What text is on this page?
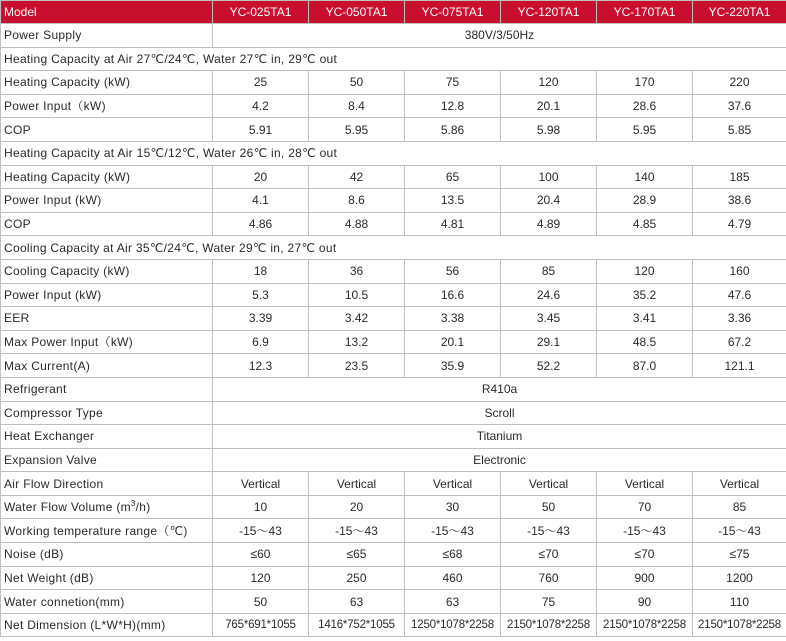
Model	YC-025TA1	YC-050TA1	YC-075TA1	YC-120TA1	YC-170TA1	YC-220TA1
Power Supply	380V/3/50Hz					
Heating Capacity at Air 27℃/24℃, Water 27℃ in, 29℃ out						
Heating Capacity (kW)	25	50	75	120	170	220
Power Input（kW)	4.2	8.4	12.8	20.1	28.6	37.6
COP	5.91	5.95	5.86	5.98	5.95	5.85
Heating Capacity at Air 15℃/12℃, Water 26℃ in, 28℃ out						
Heating Capacity (kW)	20	42	65	100	140	185
Power Input (kW)	4.1	8.6	13.5	20.4	28.9	38.6
COP	4.86	4.88	4.81	4.89	4.85	4.79
Cooling Capacity at Air 35℃/24℃, Water 29℃ in, 27℃ out						
Cooling Capacity (kW)	18	36	56	85	120	160
Power Input (kW)	5.3	10.5	16.6	24.6	35.2	47.6
EER	3.39	3.42	3.38	3.45	3.41	3.36
Max Power Input（kW)	6.9	13.2	20.1	29.1	48.5	67.2
Max Current(A)	12.3	23.5	35.9	52.2	87.0	121.1
Refrigerant	R410a					
Compressor Type	Scroll					
Heat Exchanger	Titanium					
Expansion Valve	Electronic					
Air Flow Direction	Vertical	Vertical	Vertical	Vertical	Vertical	Vertical
Water Flow Volume $(m^3/h)$	10	20	30	50	70	85
Working temperature range（℃)	-15～43	-15～43	-15～43	-15～43	-15～43	-15～43
Noise (dB)	≤60	≤65	≤68	≤70	≤70	≤75
Net Weight (dB)	120	250	460	760	900	1200
Water connetion(mm)	50	63	63	75	90	110
Net Dimension (L*W*H)(mm)	765*691*1055	1416*752*1055	1250*1078*2258	2150*1078*2258	2150*1078*2258	2150*1078*2258
